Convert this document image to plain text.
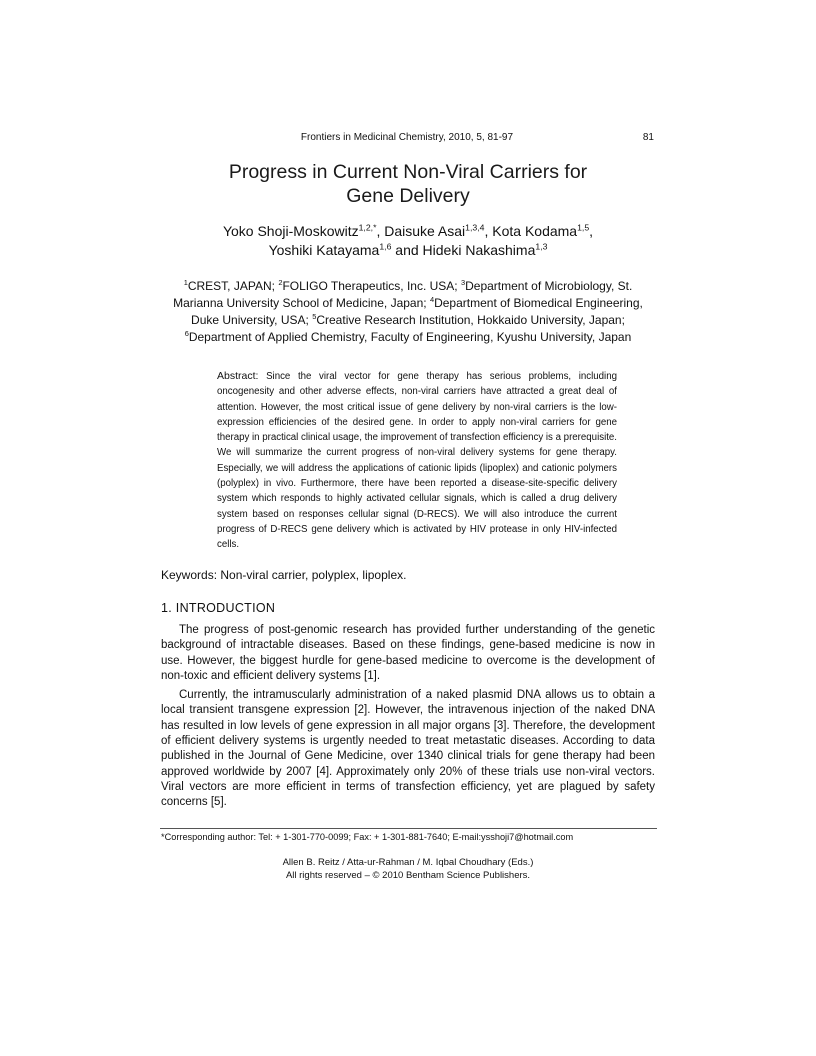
Frontiers in Medicinal Chemistry, 2010, 5, 81-97	81
Progress in Current Non-Viral Carriers for
Gene Delivery
Yoko Shoji-Moskowitz$^{1,2,*}$, Daisuke Asai$^{1,3,4}$, Kota Kodama$^{1,5}$,
Yoshiki Katayama$^{1,6}$ and Hideki Nakashima$^{1,3}$
$^1$CREST, JAPAN; $^2$FOLIGO Therapeutics, Inc. USA; $^3$Department of Microbiology, St. Marianna University School of Medicine, Japan; $^4$Department of Biomedical Engineering, Duke University, USA; $^5$Creative Research Institution, Hokkaido University, Japan; $^6$Department of Applied Chemistry, Faculty of Engineering, Kyushu University, Japan
Abstract: Since the viral vector for gene therapy has serious problems, including oncogenesity and other adverse effects, non-viral carriers have attracted a great deal of attention. However, the most critical issue of gene delivery by non-viral carriers is the low-expression efficiencies of the desired gene. In order to apply non-viral carriers for gene therapy in practical clinical usage, the improvement of transfection efficiency is a prerequisite. We will summarize the current progress of non-viral delivery systems for gene therapy. Especially, we will address the applications of cationic lipids (lipoplex) and cationic polymers (polyplex) in vivo. Furthermore, there have been reported a disease-site-specific delivery system which responds to highly activated cellular signals, which is called a drug delivery system based on responses cellular signal (D-RECS). We will also introduce the current progress of D-RECS gene delivery which is activated by HIV protease in only HIV-infected cells.
Keywords: Non-viral carrier, polyplex, lipoplex.
1. INTRODUCTION

The progress of post-genomic research has provided further understanding of the genetic background of intractable diseases. Based on these findings, gene-based medicine is now in use. However, the biggest hurdle for gene-based medicine to overcome is the development of non-toxic and efficient delivery systems [1].

Currently, the intramuscularly administration of a naked plasmid DNA allows us to obtain a local transient transgene expression [2]. However, the intravenous injection of the naked DNA has resulted in low levels of gene expression in all major organs [3]. Therefore, the development of efficient delivery systems is urgently needed to treat metastatic diseases. According to data published in the Journal of Gene Medicine, over 1340 clinical trials for gene therapy had been approved worldwide by 2007 [4]. Approximately only 20% of these trials use non-viral vectors. Viral vectors are more efficient in terms of transfection efficiency, yet are plagued by safety concerns [5].

*Corresponding author: Tel: + 1-301-770-0099; Fax: + 1-301-881-7640; E-mail:ysshoji7@hotmail.com
Allen B. Reitz / Atta-ur-Rahman / M. Iqbal Choudhary (Eds.)
All rights reserved – © 2010 Bentham Science Publishers.
